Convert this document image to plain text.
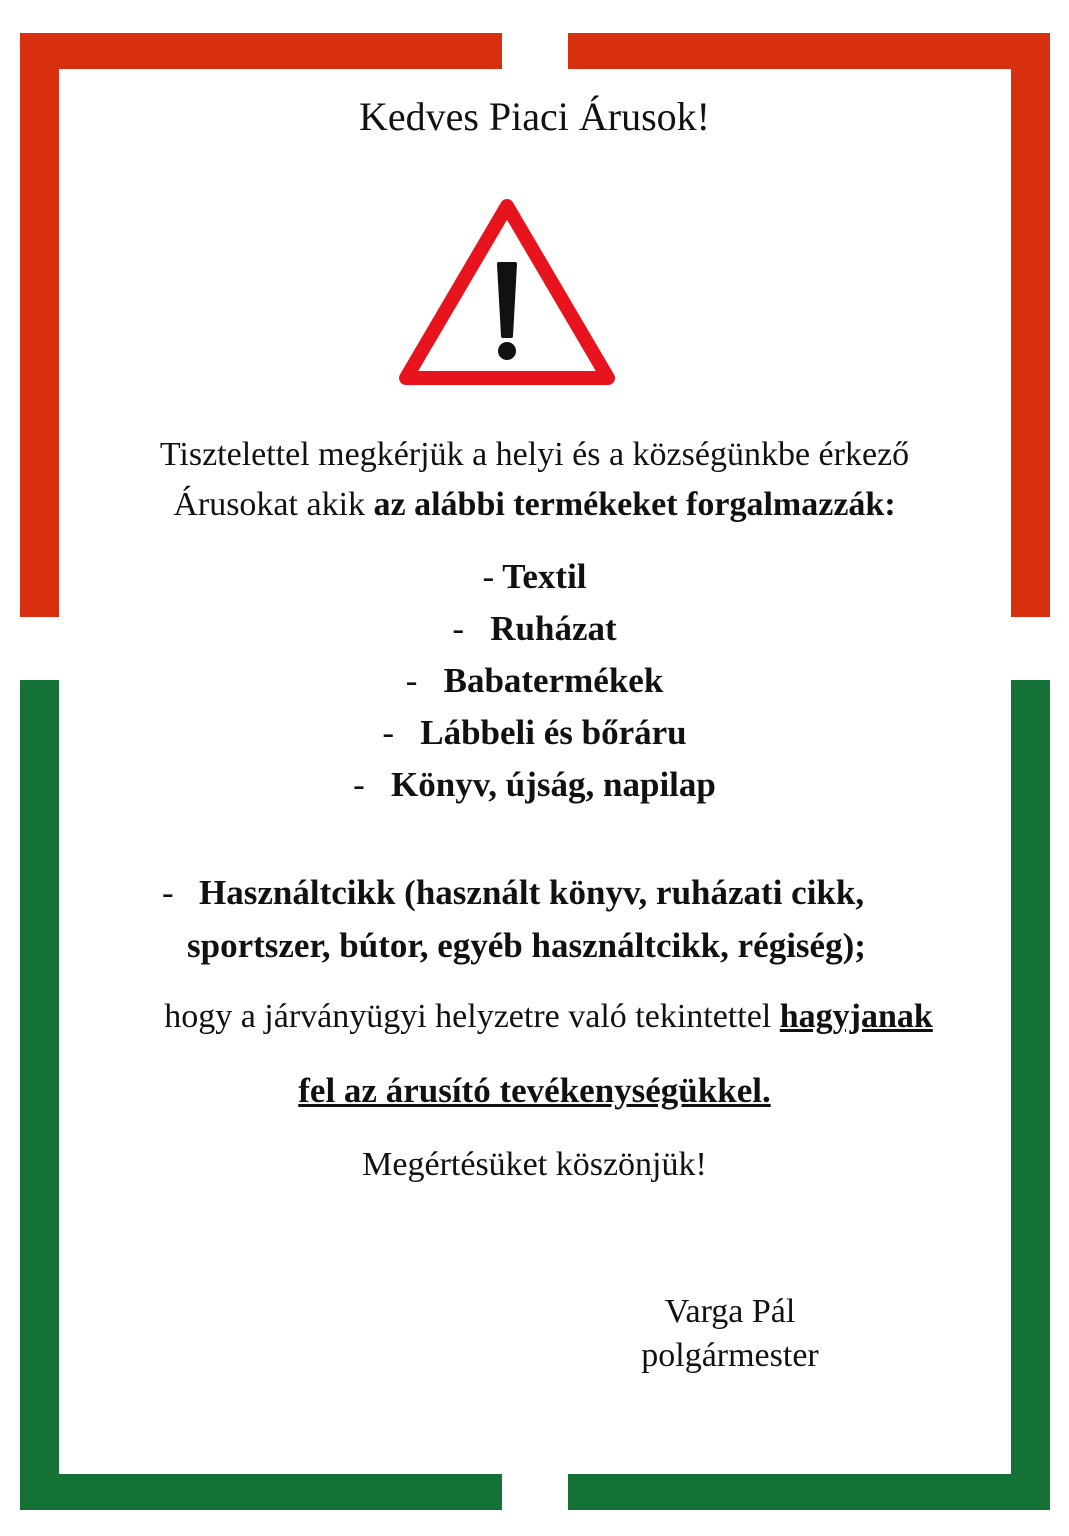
Kedves Piaci Árusok!
Tisztelettel megkérjük a helyi és a községünkbe érkező
Árusokat akik az alábbi termékeket forgalmazzák:
- Textil
- Ruházat
- Babatermékek
- Lábbeli és bőráru
- Könyv, újság, napilap
- Használtcikk (használt könyv, ruházati cikk,
sportszer, bútor, egyéb használtcikk, régiség);
hogy a járványügyi helyzetre való tekintettel hagyjanak
fel az árusító tevékenységükkel.
Megértésüket köszönjük!
Varga Pál
polgármester
